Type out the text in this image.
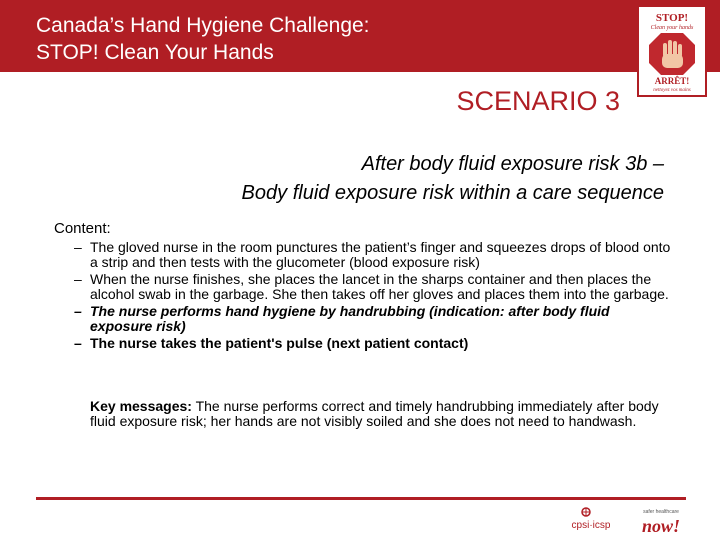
Canada’s Hand Hygiene Challenge:
STOP! Clean Your Hands
STOP!
Clean your hands
ARRÊT!
nettoyez vos mains
SCENARIO 3
After body fluid exposure risk 3b –
Body fluid exposure risk within a care sequence
Content:
– The gloved nurse in the room punctures the patient’s finger and squeezes drops of blood onto a strip and then tests with the glucometer (blood exposure risk)
– When the nurse finishes, she places the lancet in the sharps container and then places the alcohol swab in the garbage. She then takes off her gloves and places them into the garbage.
– The nurse performs hand hygiene by handrubbing (indication: after body fluid exposure risk)
– The nurse takes the patient's pulse (next patient contact)
Key messages: The nurse performs correct and timely handrubbing immediately after body fluid exposure risk; her hands are not visibly soiled and she does not need to handwash.
cpsi·icsp
safer healthcare
now!
